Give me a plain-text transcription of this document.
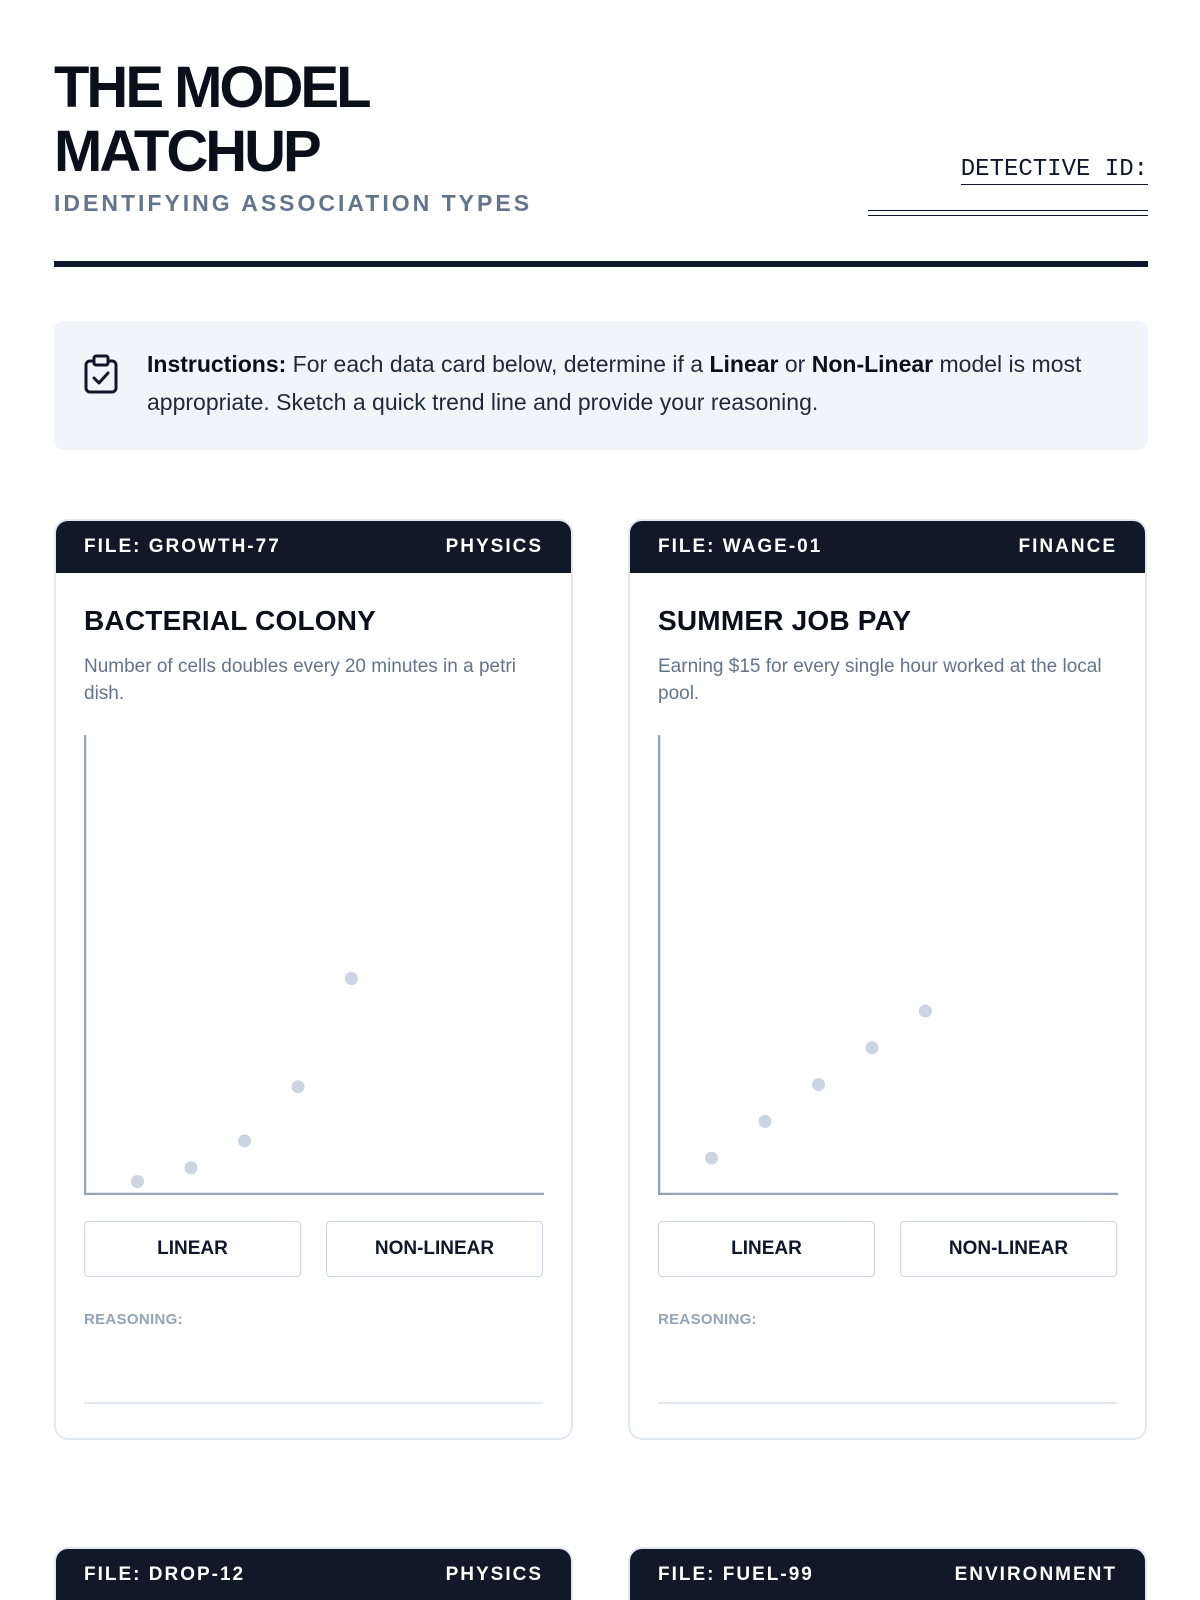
THE MODEL
MATCHUP
IDENTIFYING ASSOCIATION TYPES
DETECTIVE ID:
Instructions: For each data card below, determine if a Linear or Non-Linear model is most appropriate. Sketch a quick trend line and provide your reasoning.
FILE: GROWTH-77	PHYSICS
BACTERIAL COLONY
Number of cells doubles every 20 minutes in a petri dish.
LINEAR	NON-LINEAR
REASONING:
FILE: WAGE-01	FINANCE
SUMMER JOB PAY
Earning $15 for every single hour worked at the local pool.
LINEAR	NON-LINEAR
REASONING:
FILE: DROP-12	PHYSICS	FILE: FUEL-99	ENVIRONMENT
